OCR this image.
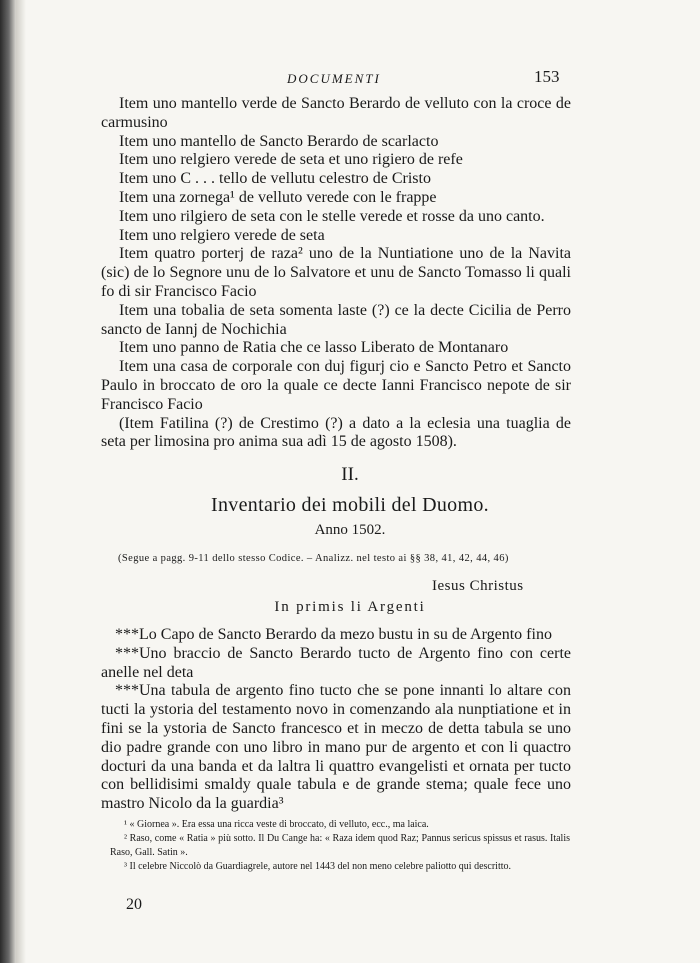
DOCUMENTI	153

Item uno mantello verde de Sancto Berardo de velluto con la croce de carmusino

Item uno mantello de Sancto Berardo de scarlacto

Item uno relgiero verede de seta et uno rigiero de refe

Item uno C . . . tello de vellutu celestro de Cristo

Item una zornega¹ de velluto verede con le frappe

Item uno rilgiero de seta con le stelle verede et rosse da uno canto.

Item uno relgiero verede de seta

Item quatro porterj de raza² uno de la Nuntiatione uno de la Navita (sic) de lo Segnore unu de lo Salvatore et unu de Sancto Tomasso li quali fo di sir Francisco Facio

Item una tobalia de seta somenta laste (?) ce la decte Cicilia de Perro sancto de Iannj de Nochichia

Item uno panno de Ratia che ce lasso Liberato de Montanaro

Item una casa de corporale con duj figurj cio e Sancto Petro et Sancto Paulo in broccato de oro la quale ce decte Ianni Francisco nepote de sir Francisco Facio

(Item Fatilina (?) de Crestimo (?) a dato a la eclesia una tuaglia de seta per limosina pro anima sua adì 15 de agosto 1508).

II.
Inventario dei mobili del Duomo.
Anno 1502.
(Segue a pagg. 9-11 dello stesso Codice. – Analizz. nel testo ai §§ 38, 41, 42, 44, 46)
Iesus Christus
In primis li Argenti

***Lo Capo de Sancto Berardo da mezo bustu in su de Argento fino

***Uno braccio de Sancto Berardo tucto de Argento fino con certe anelle nel deta

***Una tabula de argento fino tucto che se pone innanti lo altare con tucti la ystoria del testamento novo in comenzando ala nunptiatione et in fini se la ystoria de Sancto francesco et in meczo de detta tabula se uno dio padre grande con uno libro in mano pur de argento et con li quactro docturi da una banda et da laltra li quattro evangelisti et ornata per tucto con bellidisimi smaldy quale tabula e de grande stema; quale fece uno mastro Nicolo da la guardia³

¹ « Giornea ». Era essa una ricca veste di broccato, di velluto, ecc., ma laica.

² Raso, come « Ratia » più sotto. Il Du Cange ha: « Raza idem quod Raz; Pannus sericus spissus et rasus. Italis Raso, Gall. Satin ».

³ Il celebre Niccolò da Guardiagrele, autore nel 1443 del non meno celebre paliotto qui descritto.

20
